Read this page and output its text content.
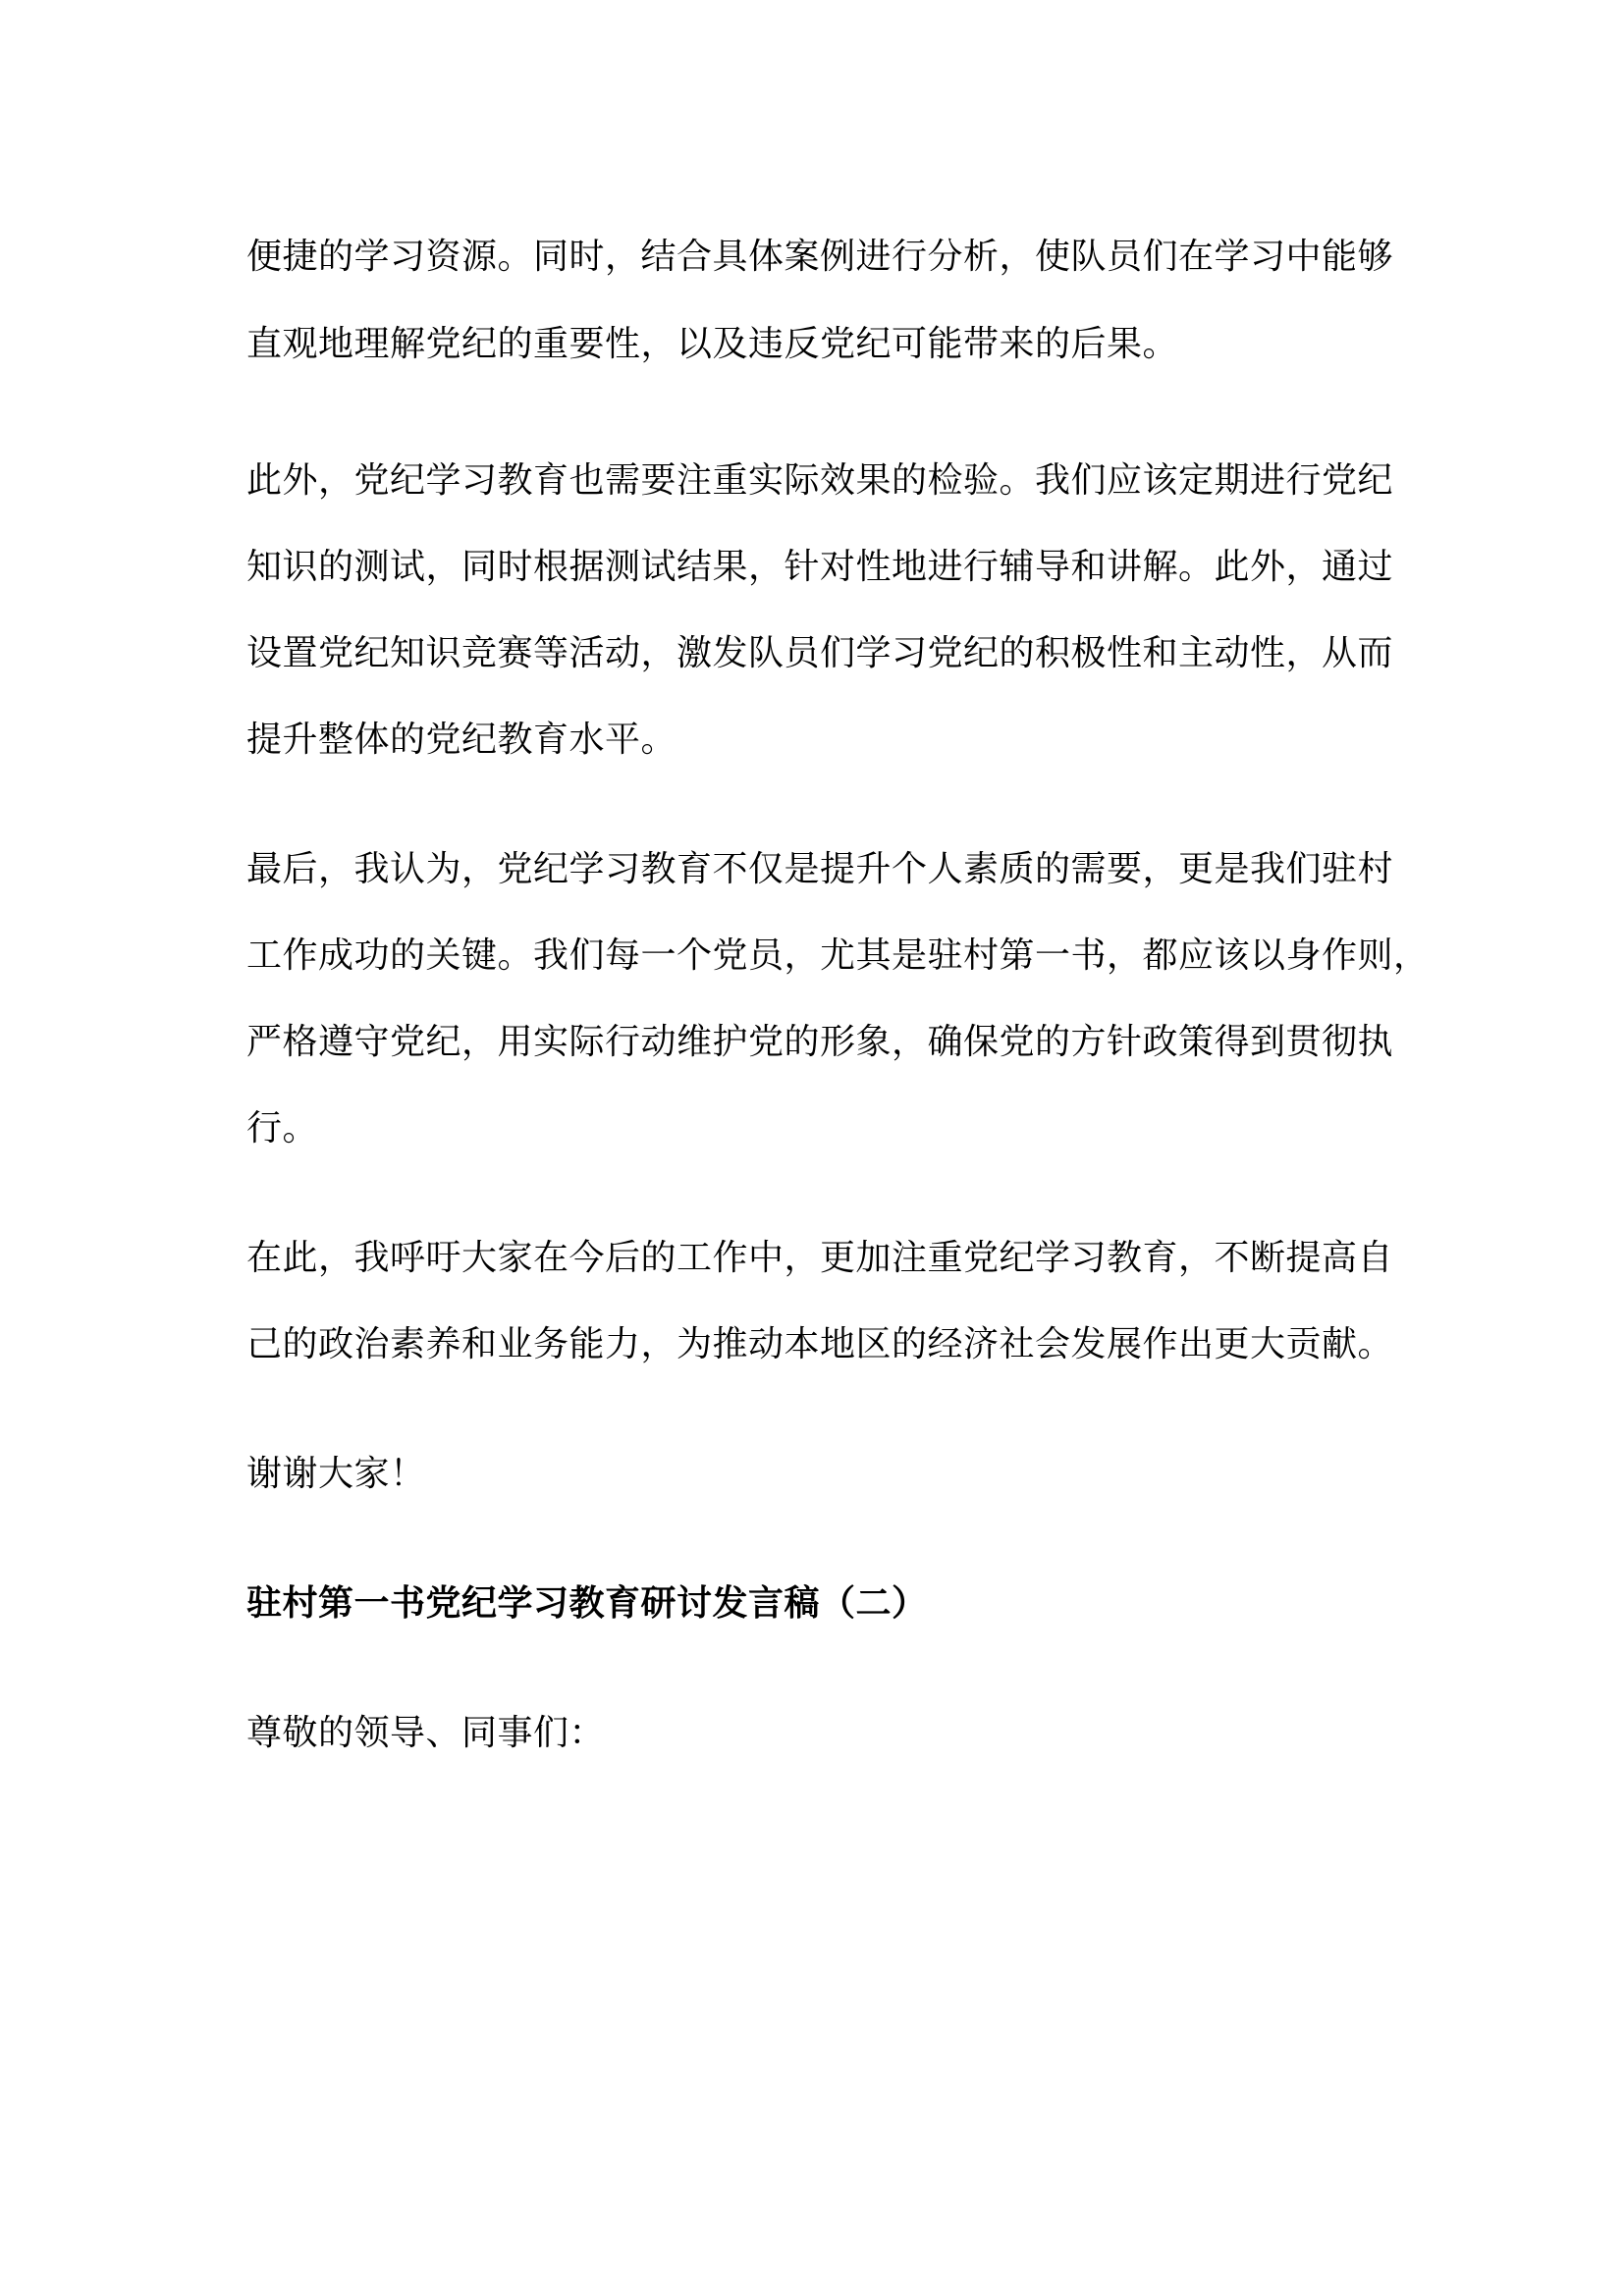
便捷的学习资源。同时，结合具体案例进行分析，使队员们在学习中能够
直观地理解党纪的重要性，以及违反党纪可能带来的后果。
此外，党纪学习教育也需要注重实际效果的检验。我们应该定期进行党纪
知识的测试，同时根据测试结果，针对性地进行辅导和讲解。此外，通过
设置党纪知识竞赛等活动，激发队员们学习党纪的积极性和主动性，从而
提升整体的党纪教育水平。
最后，我认为，党纪学习教育不仅是提升个人素质的需要，更是我们驻村
工作成功的关键。我们每一个党员，尤其是驻村第一书，都应该以身作则，
严格遵守党纪，用实际行动维护党的形象，确保党的方针政策得到贯彻执
行。
在此，我呼吁大家在今后的工作中，更加注重党纪学习教育，不断提高自
己的政治素养和业务能力，为推动本地区的经济社会发展作出更大贡献。
谢谢大家！
驻村第一书党纪学习教育研讨发言稿（二）
尊敬的领导、同事们：
